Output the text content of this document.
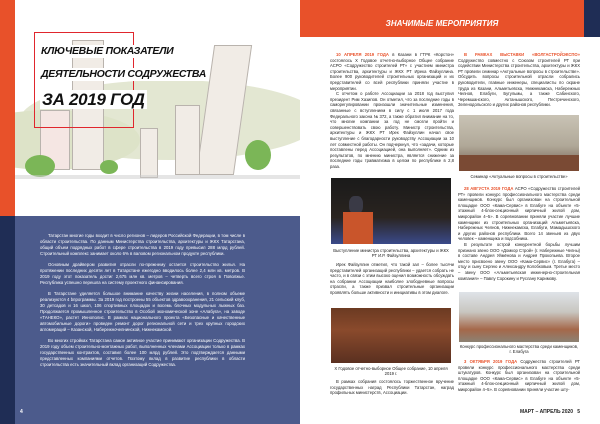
КЛЮЧЕВЫЕ ПОКАЗАТЕЛИ
ДЕЯТЕЛЬНОСТИ СОДРУЖЕСТВА
ЗА 2019 ГОД

Татарстан многие годы входит в число регионов – лидеров Российской Федерации, в том числе в области строительства. По данным Министерства строительства, архитектуры и ЖКХ Татарстана, общий объем подрядных работ в сфере строительства в 2019 году превысил 288 млрд рублей. Строительный комплекс занимает около 6% в валовом региональном продукте республики.

Основным драйвером развития отрасли по-прежнему остается строительство жилья. На протяжении последних десяти лет в Татарстане ежегодно вводилось более 2,4 млн кв. метров. В 2019 году этот показатель достиг 2,675 млн кв. метров – четверть всего строя в Поволжье. Республика успешно перешла на систему проектного финансирования.

В Татарстане уделяется большое внимание качеству жизни населения, в полном объеме реализуются 4 bпрограммы. За 2019 год построены 55 объектов здравоохранения, 21 сельский клуб, 30 детсадов и 16 школ, 106 спортивных площадок и восемь блочных модульных лыжных баз. Продолжается промышленное строительство в Особой экономической зоне «Алабуга», на заводе «ТАНЕКО», растет Иннополис. В рамках национального проекта «Безопасные и качественные автомобильные дороги» проведен ремонт дорог региональной сети и трех крупных городских агломераций – Казанской, Набережночелнинской, Нижнекамской.

Во многих стройках Татарстана самое активное участие принимают организации Содружества. В 2019 году объем строительно-монтажных работ, выполненных членами Ассоциации только в рамках государственных контрактов, составил более 100 млрд рублей. Это подтверждается данными представленных компаниями отчетов. Поэтому вклад в развитие республики в области строительства есть значительный вклад организаций Содружества.

4
ЗНАЧИМЫЕ МЕРОПРИЯТИЯ

10 АПРЕЛЯ 2019 ГОДА в Казани в ГТРК «Корстон» состоялось X Годовое отчетно-выборное Общее собрание АСРО «Содружество строителей РТ» с участием министра строительства, архитектуры и ЖКХ РТ Ирека Файзуллина. Более 900 руководителей строительных организаций и их представителей со всей республики приняли участие в мероприятии.

С отчетом о работе Ассоциации за 2018 год выступил президент Рим Хазипов. Он отметил, что за последние годы в саморегулировании произошли значительные изменения, связанные с вступлением в силу с 1 июля 2017 года Федерального закона № 372, а также обратил внимание на то, что многие компании за год не смогли пройти и совершенствовать свою работу. Министр строительства, архитектуры и ЖКХ РТ Ирек Файзуллин начал свое выступление с благодарности руководству Ассоциации за 10 лет совместной работы. Он подчеркнул, что «задачи, которые поставлены перед Ассоциацией, она выполняет». Одним из результатов, по мнению министра, является снижение за последние годы травматизма в целом по республике в 2,8 раза.

Выступление министра строительства, архитектуры и ЖКХ РТ И.Р. Файзуллина

Ирек Файзуллин отметил, что такой зал – более тысячи представителей организаций республики – удается собрать не часто, и в связи с этим высоко оценил возможность обсуждать на собрании Ассоциации наиболее злободневные вопросы отрасли, а также призвал строительные организации проявлять больше активности и инициативы в этом диалоге.

X Годовое отчетно-выборное Общее собрание, 10 апреля 2019 г.

В рамках собрания состоялось торжественное вручение государственных наград Республики Татарстан, наград профильных министерств, Ассоциации.

В РАМКАХ ВЫСТАВКИ «ВОЛГАСТРОЙЭКСПО» Содружество совместно с Союзом строителей РТ при содействии Министерства строительства, архитектуры и ЖКХ РТ провели семинар «Актуальные вопросы в строительстве». Обсудить вопросы строительной отрасли собрались руководители, главные инженеры, специалисты по охране труда из Казани, Альметьевска, Нижнекамска, Набережных Челнов, Елабуги, Бугульмы, а также Сабинского, Черемшанского, Актанышского, Пестречинского, Зеленодольского и других районов республики.

Семинар «Актуальные вопросы в строительстве»

28 АВГУСТА 2019 ГОДА АСРО «Содружество строителей РТ» провели конкурс профессионального мастерства среди каменщиков. Конкурс был организован на строительной площадке ООО «Кама-Сервис» в Елабуге на объекте «5-этажный 4-блок-секционный кирпичный жилой дом, микрорайон 4–5». В соревновании приняли участие лучшие каменщики из строительных организаций Альметьевска, Набережных Челнов, Нижнекамска, Елабуги, Мамадышского и других районов республики. Всего 14 звеньев из двух человек – каменщика и подсобника.

В результате острой конкурентной борьбы лучшим признано звено ООО «Домкор Строй» (г. Набережные Челны) в составе Андрея Уймёнова и Андрея Прокопьева. Второе место присвоено звену ООО «Кама-Сервис» (г. Елабуга) – отцу и сыну Сергею и Александру Колобковым. Третье место – звену ООО «Альметьевская инженерно-строительная компания» – Павлу Сорокину и Руслану Каримову.

Конкурс профессионального мастерства среди каменщиков, г. Елабуга

3 ОКТЯБРЯ 2019 ГОДА Содружество строителей РТ провели конкурс профессионального мастерства среди штукатуров. Конкурс был организован на строительной площадке ООО «Кама-Сервис» в Елабуге на объекте «5-этажный 4-блок-секционный кирпичный жилой дом, микрорайон 4–5». В соревновании приняли участие шту-

МАРТ – АПРЕЛЬ 2020   5
